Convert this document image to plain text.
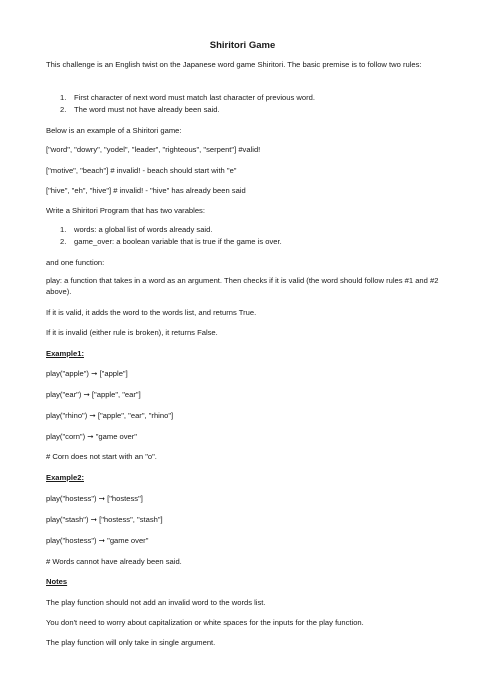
Shiritori Game
This challenge is an English twist on the Japanese word game Shiritori. The basic premise is to follow two rules:
1. First character of next word must match last character of previous word.
2. The word must not have already been said.
Below is an example of a Shiritori game:
["word", "dowry", "yodel", "leader", "righteous", "serpent"] #valid!
["motive", "beach"] # invalid! - beach should start with "e"
["hive", "eh", "hive"] # invalid! - "hive" has already been said
Write a Shiritori Program that has two varables:
1. words: a global list of words already said.
2. game_over: a boolean variable that is true if the game is over.
and one function:
play: a function that takes in a word as an argument. Then checks if it is valid (the word should follow rules #1 and #2 above).
If it is valid, it adds the word to the words list, and returns True.
If it is invalid (either rule is broken), it returns False.
Example1:
play("apple") ➞ ["apple"]
play("ear") ➞ ["apple", "ear"]
play("rhino") ➞ ["apple", "ear", "rhino"]
play("corn") ➞ "game over"
# Corn does not start with an "o".
Example2:
play("hostess") ➞ ["hostess"]
play("stash") ➞ ["hostess", "stash"]
play("hostess") ➞ "game over"
# Words cannot have already been said.
Notes
The play function should not add an invalid word to the words list.
You don't need to worry about capitalization or white spaces for the inputs for the play function.
The play function will only take in single argument.
